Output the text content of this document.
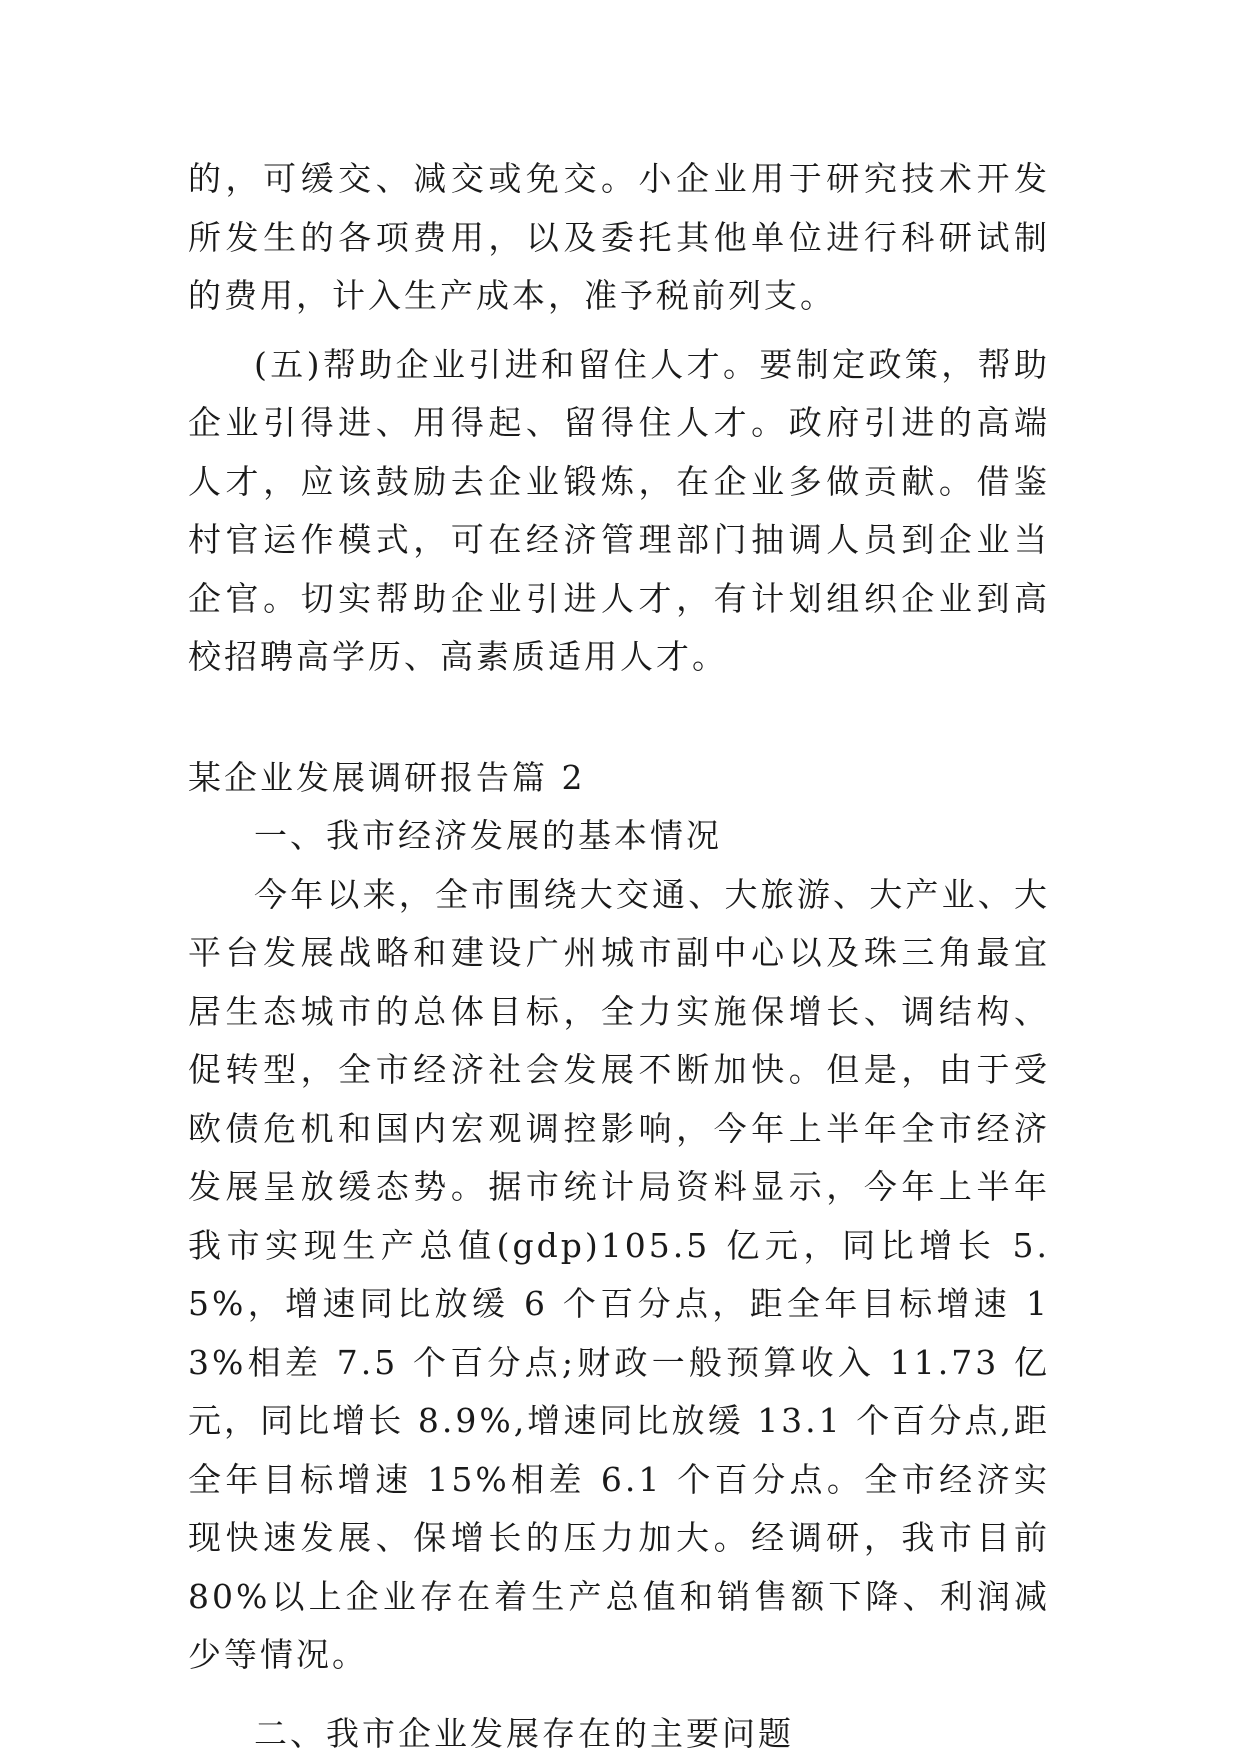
的，可缓交、减交或免交。小企业用于研究技术开发所发生的各项费用，以及委托其他单位进行科研试制的费用，计入生产成本，准予税前列支。

(五)帮助企业引进和留住人才。要制定政策，帮助企业引得进、用得起、留得住人才。政府引进的高端人才，应该鼓励去企业锻炼，在企业多做贡献。借鉴村官运作模式，可在经济管理部门抽调人员到企业当企官。切实帮助企业引进人才，有计划组织企业到高校招聘高学历、高素质适用人才。

某企业发展调研报告篇 2

一、我市经济发展的基本情况

今年以来，全市围绕大交通、大旅游、大产业、大平台发展战略和建设广州城市副中心以及珠三角最宜居生态城市的总体目标，全力实施保增长、调结构、促转型，全市经济社会发展不断加快。但是，由于受欧债危机和国内宏观调控影响，今年上半年全市经济发展呈放缓态势。据市统计局资料显示，今年上半年我市实现生产总值(gdp)105.5 亿元，同比增长 5.5%，增速同比放缓 6 个百分点，距全年目标增速 13%相差 7.5 个百分点;财政一般预算收入 11.73 亿元，同比增长 8.9%,增速同比放缓 13.1 个百分点,距全年目标增速 15%相差 6.1 个百分点。全市经济实现快速发展、保增长的压力加大。经调研，我市目前 80%以上企业存在着生产总值和销售额下降、利润减少等情况。

二、我市企业发展存在的主要问题
